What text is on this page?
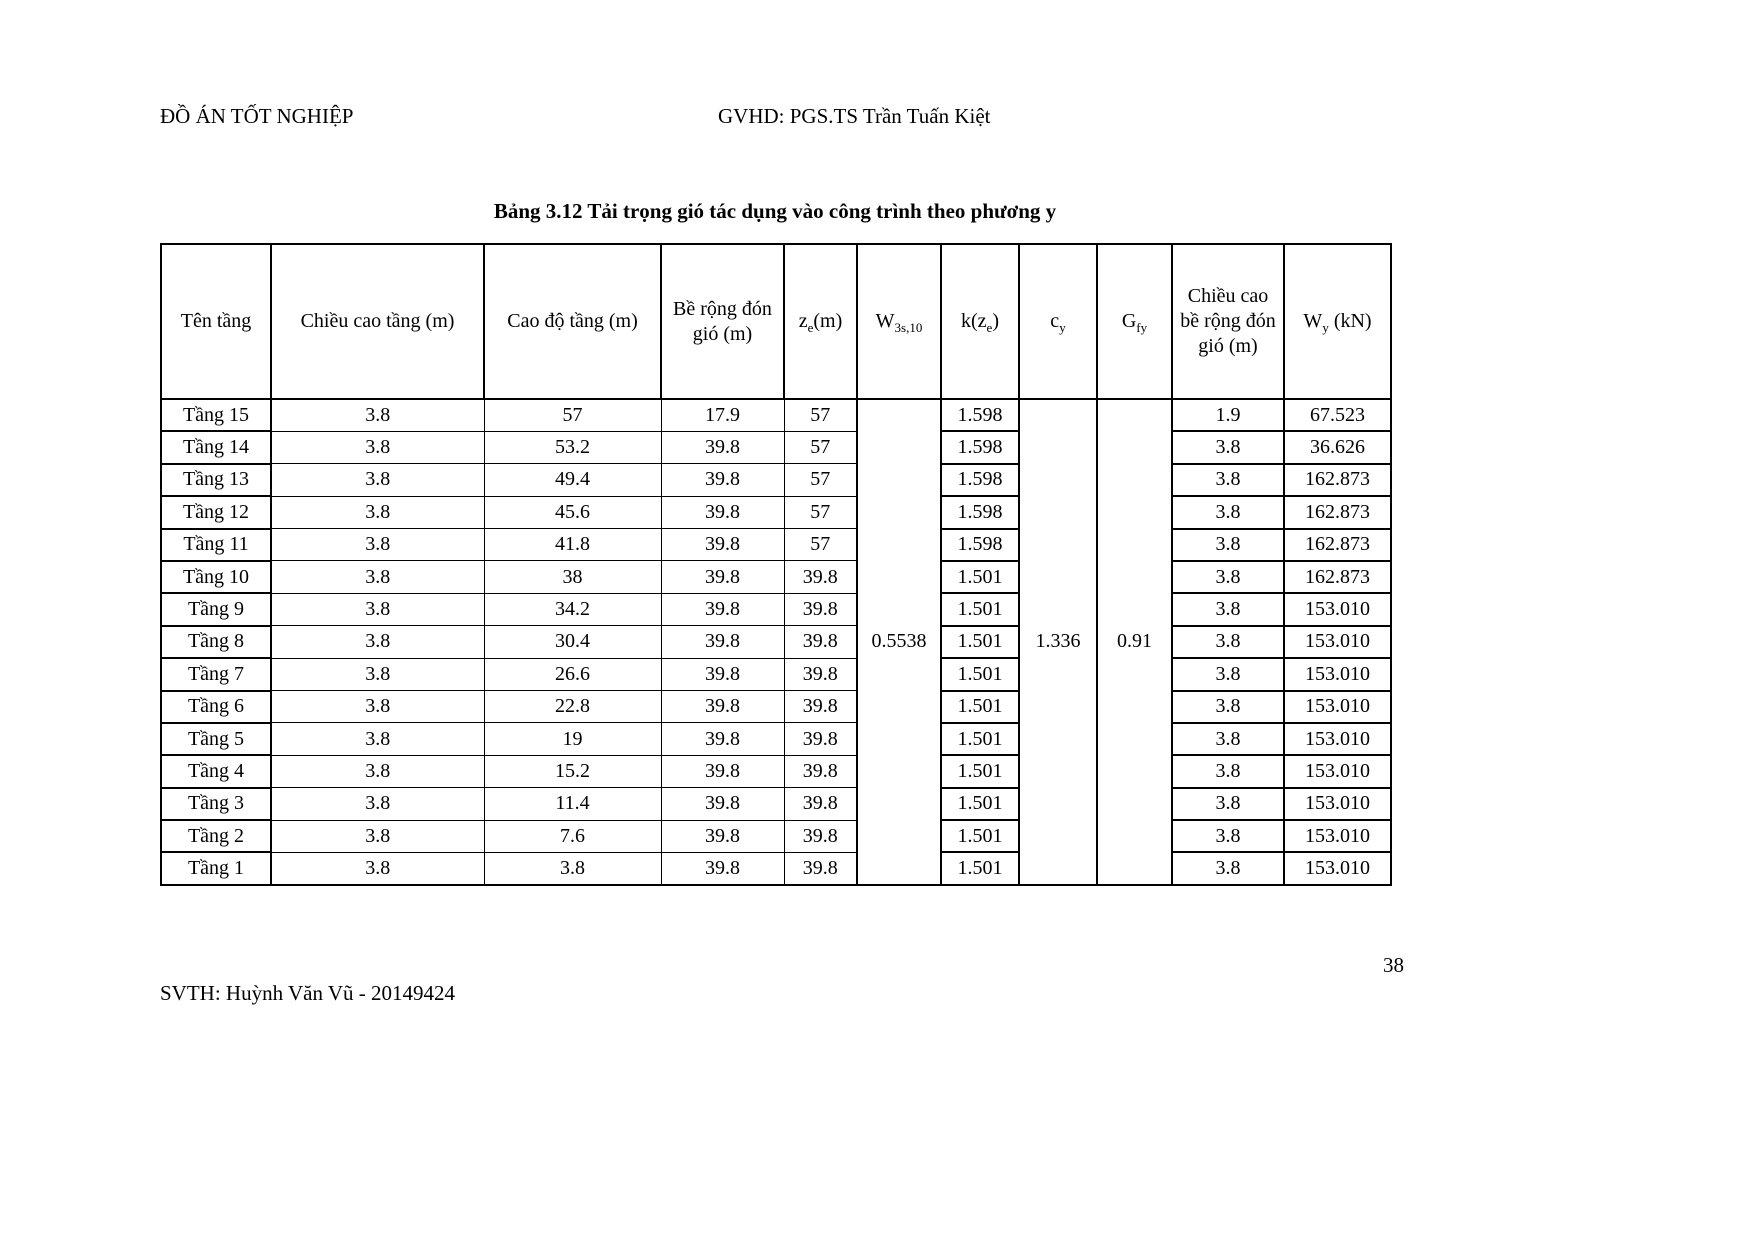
ĐỒ ÁN TỐT NGHIỆP	GVHD: PGS.TS Trần Tuấn Kiệt
Bảng 3.12 Tải trọng gió tác dụng vào công trình theo phương y
Tên tầng	Chiều cao tầng (m)	Cao độ tầng (m)	Bề rộng đón gió (m)	$z_e(m)$	$W_{3s,10}$	$k(z_e)$	$c_y$	$G_{fy}$	Chiều cao bề rộng đón gió (m)	$W_y$ (kN)
Tầng 15	3.8	57	17.9	57	0.5538	1.598	1.336	0.91	1.9	67.523
Tầng 14	3.8	53.2	39.8	57		1.598			3.8	36.626
Tầng 13	3.8	49.4	39.8	57		1.598			3.8	162.873
Tầng 12	3.8	45.6	39.8	57		1.598			3.8	162.873
Tầng 11	3.8	41.8	39.8	57		1.598			3.8	162.873
Tầng 10	3.8	38	39.8	39.8		1.501			3.8	162.873
Tầng 9	3.8	34.2	39.8	39.8		1.501			3.8	153.010
Tầng 8	3.8	30.4	39.8	39.8		1.501			3.8	153.010
Tầng 7	3.8	26.6	39.8	39.8		1.501			3.8	153.010
Tầng 6	3.8	22.8	39.8	39.8		1.501			3.8	153.010
Tầng 5	3.8	19	39.8	39.8		1.501			3.8	153.010
Tầng 4	3.8	15.2	39.8	39.8		1.501			3.8	153.010
Tầng 3	3.8	11.4	39.8	39.8		1.501			3.8	153.010
Tầng 2	3.8	7.6	39.8	39.8		1.501			3.8	153.010
Tầng 1	3.8	3.8	39.8	39.8		1.501			3.8	153.010
38
SVTH: Huỳnh Văn Vũ - 20149424
